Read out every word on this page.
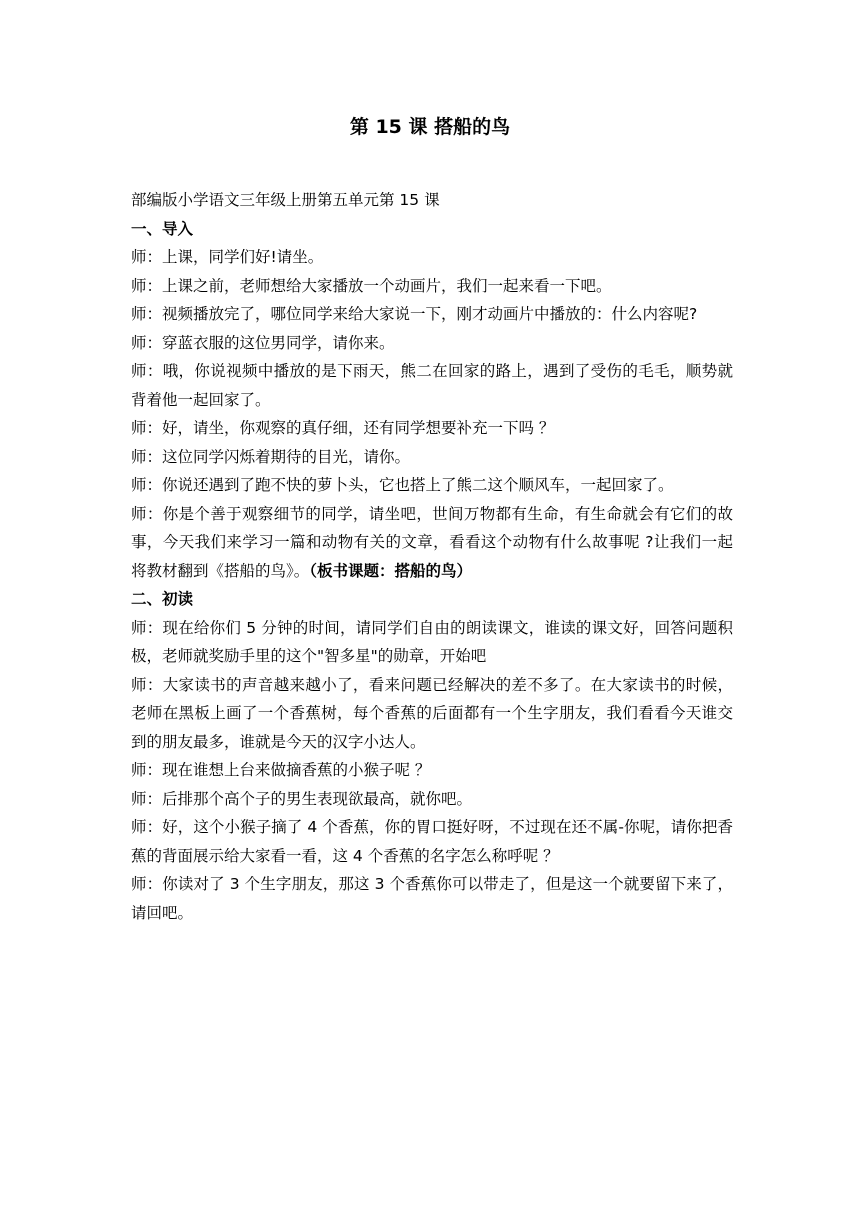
第 15 课 搭船的鸟

部编版小学语文三年级上册第五单元第 15 课

一、导入

师：上课，同学们好!请坐。

师：上课之前，老师想给大家播放一个动画片，我们一起来看一下吧。

师：视频播放完了，哪位同学来给大家说一下，刚才动画片中播放的：什么内容呢?

师：穿蓝衣服的这位男同学，请你来。

师：哦，你说视频中播放的是下雨天，熊二在回家的路上，遇到了受伤的毛毛，顺势就背着他一起回家了。

师：好，请坐，你观察的真仔细，还有同学想要补充一下吗 ？

师：这位同学闪烁着期待的目光，请你。

师：你说还遇到了跑不快的萝卜头，它也搭上了熊二这个顺风车，一起回家了。

师：你是个善于观察细节的同学，请坐吧，世间万物都有生命，有生命就会有它们的故事，今天我们来学习一篇和动物有关的文章，看看这个动物有什么故事呢 ?让我们一起将教材翻到《搭船的鸟》。（板书课题：搭船的鸟）

二、初读

师：现在给你们 5 分钟的时间，请同学们自由的朗读课文，谁读的课文好，回答问题积极，老师就奖励手里的这个"智多星"的勋章，开始吧

师：大家读书的声音越来越小了，看来问题已经解决的差不多了。在大家读书的时候，老师在黑板上画了一个香蕉树，每个香蕉的后面都有一个生字朋友，我们看看今天谁交到的朋友最多，谁就是今天的汉字小达人。

师：现在谁想上台来做摘香蕉的小猴子呢 ？

师：后排那个高个子的男生表现欲最高，就你吧。

师：好，这个小猴子摘了 4 个香蕉，你的胃口挺好呀，不过现在还不属-你呢，请你把香蕉的背面展示给大家看一看，这 4 个香蕉的名字怎么称呼呢 ？

师：你读对了 3 个生字朋友，那这 3 个香蕉你可以带走了，但是这一个就要留下来了，请回吧。
